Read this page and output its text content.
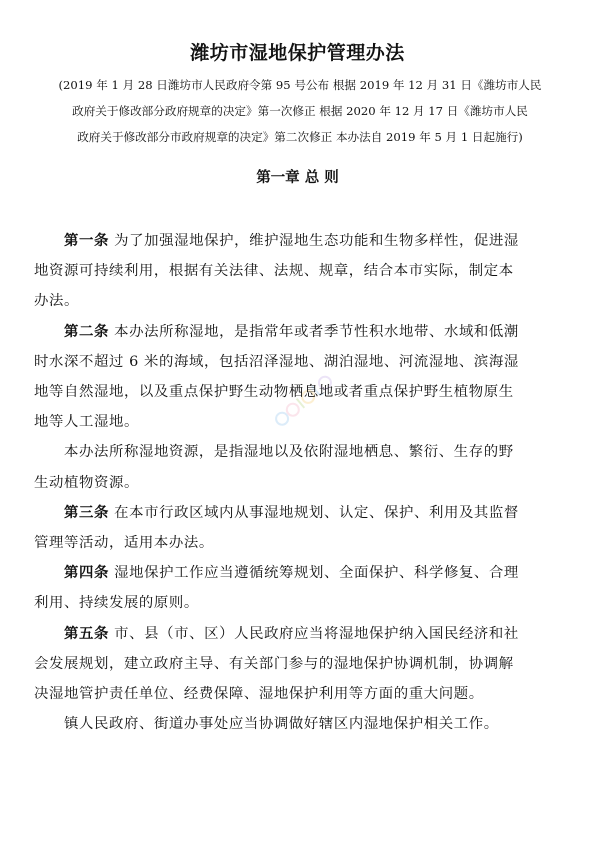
潍坊市湿地保护管理办法
(2019 年 1 月 28 日潍坊市人民政府令第 95 号公布 根据 2019 年 12 月 31 日《潍坊市人民
政府关于修改部分政府规章的决定》第一次修正 根据 2020 年 12 月 17 日《潍坊市人民
政府关于修改部分市政府规章的决定》第二次修正 本办法自 2019 年 5 月 1 日起施行)
第一章 总 则

第一条 为了加强湿地保护，维护湿地生态功能和生物多样性，促进湿
地资源可持续利用，根据有关法律、法规、规章，结合本市实际，制定本
办法。

第二条 本办法所称湿地，是指常年或者季节性积水地带、水域和低潮
时水深不超过 6 米的海域，包括沼泽湿地、湖泊湿地、河流湿地、滨海湿
地等自然湿地，以及重点保护野生动物栖息地或者重点保护野生植物原生
地等人工湿地。

本办法所称湿地资源，是指湿地以及依附湿地栖息、繁衍、生存的野
生动植物资源。

第三条 在本市行政区域内从事湿地规划、认定、保护、利用及其监督
管理等活动，适用本办法。

第四条 湿地保护工作应当遵循统筹规划、全面保护、科学修复、合理
利用、持续发展的原则。

第五条 市、县（市、区）人民政府应当将湿地保护纳入国民经济和社
会发展规划，建立政府主导、有关部门参与的湿地保护协调机制，协调解
决湿地管护责任单位、经费保障、湿地保护利用等方面的重大问题。

镇人民政府、街道办事处应当协调做好辖区内湿地保护相关工作。
